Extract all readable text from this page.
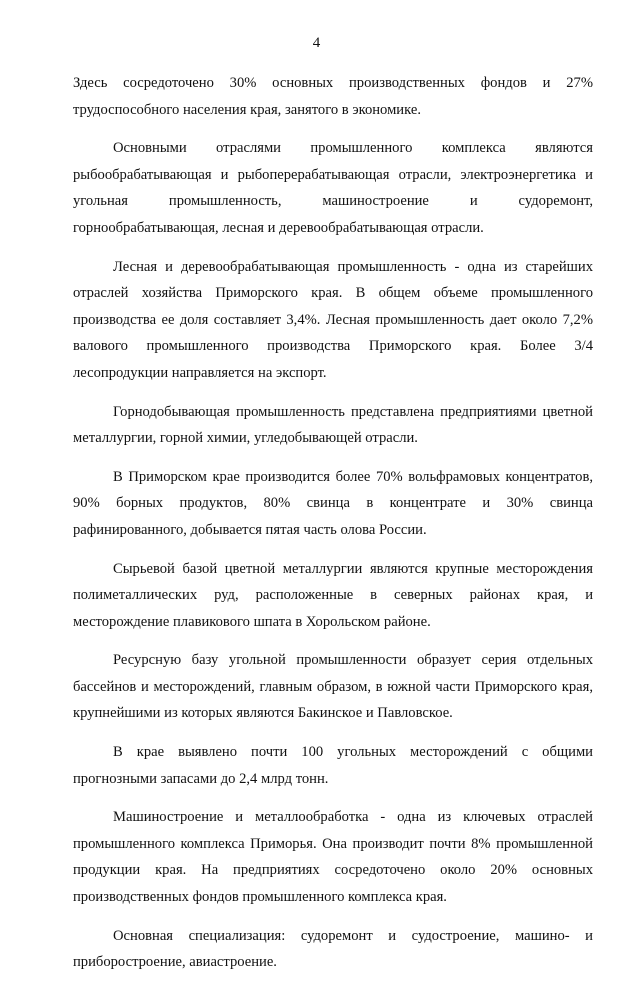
4

Здесь сосредоточено 30% основных производственных фондов и 27% трудоспособного населения края, занятого в экономике.

Основными отраслями промышленного комплекса являются рыбообрабатывающая и рыбоперерабатывающая отрасли, электроэнергетика и угольная промышленность, машиностроение и судоремонт, горнообрабатывающая, лесная и деревообрабатывающая отрасли.

Лесная и деревообрабатывающая промышленность - одна из старейших отраслей хозяйства Приморского края. В общем объеме промышленного производства ее доля составляет 3,4%. Лесная промышленность дает около 7,2% валового промышленного производства Приморского края. Более 3/4 лесопродукции направляется на экспорт.

Горнодобывающая промышленность представлена предприятиями цветной металлургии, горной химии, угледобывающей отрасли.

В Приморском крае производится более 70% вольфрамовых концентратов, 90% борных продуктов, 80% свинца в концентрате и 30% свинца рафинированного, добывается пятая часть олова России.

Сырьевой базой цветной металлургии являются крупные месторождения полиметаллических руд, расположенные в северных районах края, и месторождение плавикового шпата в Хорольском районе.

Ресурсную базу угольной промышленности образует серия отдельных бассейнов и месторождений, главным образом, в южной части Приморского края, крупнейшими из которых являются Бакинское и Павловское.

В крае выявлено почти 100 угольных месторождений с общими прогнозными запасами до 2,4 млрд тонн.

Машиностроение и металлообработка - одна из ключевых отраслей промышленного комплекса Приморья. Она производит почти 8% промышленной продукции края. На предприятиях сосредоточено около 20% основных производственных фондов промышленного комплекса края.

Основная специализация: судоремонт и судостроение, машино- и приборостроение, авиастроение.
